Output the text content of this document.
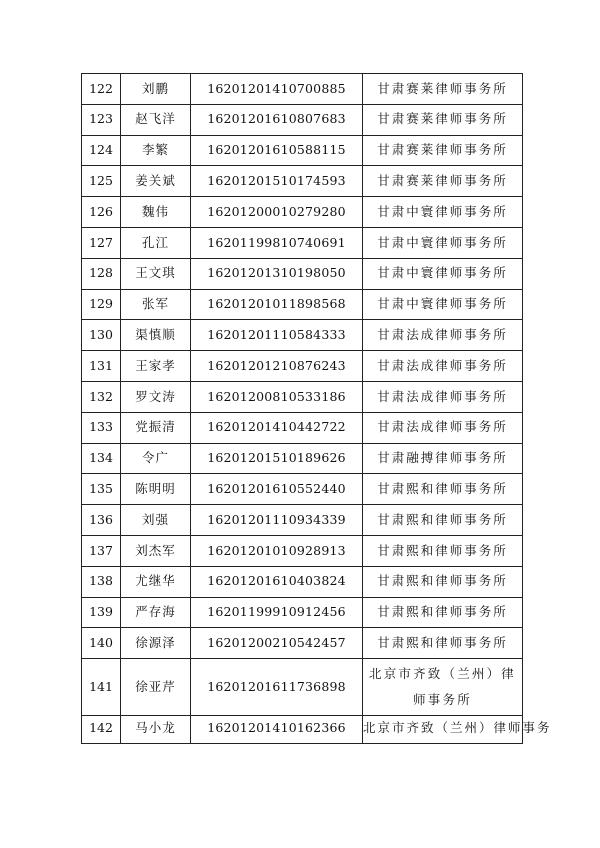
122	刘鹏	16201201410700885	甘肃赛莱律师事务所
123	赵飞洋	16201201610807683	甘肃赛莱律师事务所
124	李繁	16201201610588115	甘肃赛莱律师事务所
125	姜关斌	16201201510174593	甘肃赛莱律师事务所
126	魏伟	16201200010279280	甘肃中寰律师事务所
127	孔江	16201199810740691	甘肃中寰律师事务所
128	王文琪	16201201310198050	甘肃中寰律师事务所
129	张军	16201201011898568	甘肃中寰律师事务所
130	渠慎顺	16201201110584333	甘肃法成律师事务所
131	王家孝	16201201210876243	甘肃法成律师事务所
132	罗文涛	16201200810533186	甘肃法成律师事务所
133	党振清	16201201410442722	甘肃法成律师事务所
134	令广	16201201510189626	甘肃融搏律师事务所
135	陈明明	16201201610552440	甘肃熙和律师事务所
136	刘强	16201201110934339	甘肃熙和律师事务所
137	刘杰军	16201201010928913	甘肃熙和律师事务所
138	尤继华	16201201610403824	甘肃熙和律师事务所
139	严存海	16201199910912456	甘肃熙和律师事务所
140	徐源泽	16201200210542457	甘肃熙和律师事务所
141	徐亚芹	16201201611736898	北京市齐致（兰州）律师事务所

142	马小龙	16201201410162366	北京市齐致（兰州）律师事务
